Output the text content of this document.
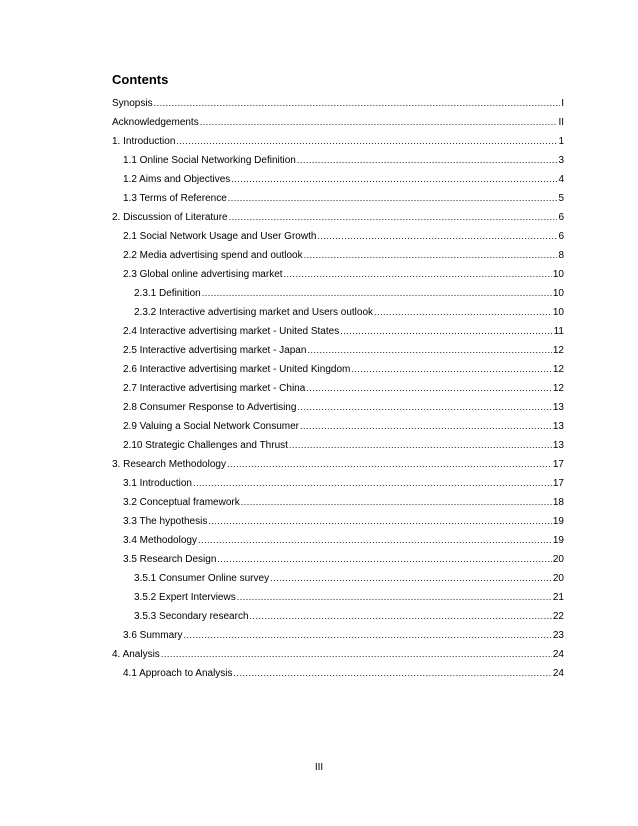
Contents
Synopsis .....	I
Acknowledgements .....	II
1. Introduction .....	1
1.1 Online Social Networking Definition .....	3
1.2 Aims and Objectives .....	4
1.3 Terms of Reference .....	5
2. Discussion of Literature .....	6
2.1 Social Network Usage and User Growth .....	6
2.2 Media advertising spend and outlook .....	8
2.3 Global online advertising market .....	10
2.3.1 Definition .....	10
2.3.2 Interactive advertising market and Users outlook .....	10
2.4 Interactive advertising market - United States .....	11
2.5 Interactive advertising market - Japan .....	12
2.6 Interactive advertising market - United Kingdom .....	12
2.7 Interactive advertising market - China .....	12
2.8 Consumer Response to Advertising .....	13
2.9 Valuing a Social Network Consumer .....	13
2.10 Strategic Challenges and Thrust .....	13
3. Research Methodology .....	17
3.1 Introduction .....	17
3.2 Conceptual framework .....	18
3.3 The hypothesis .....	19
3.4 Methodology .....	19
3.5 Research Design .....	20
3.5.1 Consumer Online survey .....	20
3.5.2 Expert Interviews .....	21
3.5.3 Secondary research .....	22
3.6 Summary .....	23
4. Analysis .....	24
4.1 Approach to Analysis .....	24
III
